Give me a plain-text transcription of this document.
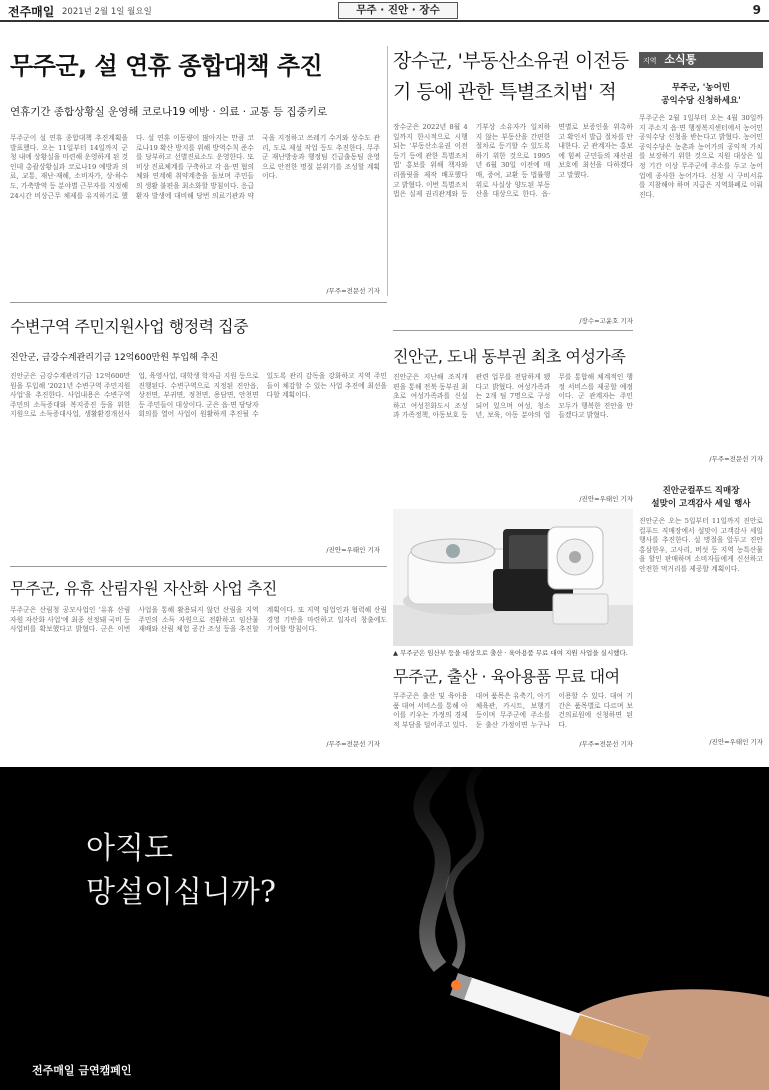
전주매일 2021년 2월 1일 월요일	무주 · 진안 · 장수	9
무주군, 설 연휴 종합대책 추진
연휴기간 종합상황실 운영해 코로나19 예방 · 의료 · 교통 등 집중키로
무주군이 설 연휴 종합대책 추진계획을 발표했다. 오는 11일부터 14일까지 군청 내에 상황실을 마련해 운영하게 된 것인데 총괄상황실과 코로나19 예방과 의료, 교통, 재난·재해, 소비자가, 상·하수도, 가축방역 등 분야별 근무자를 지정해 24시간 비상근무 체제를 유지하기로 했다. 설 연휴 이동량이 많아지는 만큼 코로나19 확산 방지를 위해 방역수칙 준수를 당부하고 선별진료소도 운영한다. 또 비상 진료체계를 구축하고 각 읍·면 협의체와 연계해 취약계층을 돌보며 주민들의 생활 불편을 최소화할 방침이다. 응급환자 발생에 대비해 당번 의료기관과 약국을 지정하고 쓰레기 수거와 상수도 관리, 도로 제설 작업 등도 추진한다. 무주군 재난방송과 행정팀 긴급출동팀 운영으로 안전한 명절 분위기를 조성할 계획이다.
/무주=전문선 기자
장수군, '부동산소유권 이전등기 등에 관한 특별조치법' 적
장수군은 2022년 8월 4일까지 한시적으로 시행되는 '부동산소유권 이전등기 등에 관한 특별조치법' 홍보를 위해 책자와 리플릿을 제작 배포했다고 밝혔다. 이번 특별조치법은 실제 권리관계와 등기부상 소유자가 일치하지 않는 부동산을 간편한 절차로 등기할 수 있도록 하기 위한 것으로 1995년 6월 30일 이전에 매매, 증여, 교환 등 법률행위로 사실상 양도된 부동산을 대상으로 한다. 읍·면별로 보증인을 위촉하고 확인서 발급 절차를 안내한다. 군 관계자는 홍보에 힘써 군민들의 재산권 보호에 최선을 다하겠다고 말했다.
/장수=고윤호 기자
수변구역 주민지원사업 행정력 집중
진안군, 금강수계관리기금 12억600만원 투입해 추진
진안군은 금강수계관리기금 12억600만원을 투입해 '2021년 수변구역 주민지원사업'을 추진한다. 사업내용은 수변구역 주민의 소득증대와 복지증진 등을 위한 지원으로 소득증대사업, 생활환경개선사업, 육영사업, 대학생 학자금 지원 등으로 진행된다. 수변구역으로 지정된 진안읍, 상전면, 부귀면, 정천면, 용담면, 안천면 등 주민들이 대상이다. 군은 읍·면 담당자 회의를 열어 사업이 원활하게 추진될 수 있도록 관리 감독을 강화하고 지역 주민들이 체감할 수 있는 사업 추진에 최선을 다할 계획이다.
/진안=우태인 기자
진안군, 도내 동부권 최초 여성가족
진안군은 지난해 조직개편을 통해 전북 동부권 최초로 여성가족과를 신설하고 여성친화도시 조성과 가족정책, 아동보호 등 관련 업무를 전담하게 됐다고 밝혔다. 여성가족과는 2개 팀 7명으로 구성되어 있으며 여성, 청소년, 보육, 아동 분야의 업무를 통합해 체계적인 행정 서비스를 제공할 예정이다. 군 관계자는 주민 모두가 행복한 진안을 만들겠다고 밝혔다.
/진안=우태인 기자
▲ 무주군은 임산부 등을 대상으로 출산 · 육아용품 무료 대여 지원 사업을 실시했다.
무주군, 유휴 산림자원 자산화 사업 추진
무주군은 산림청 공모사업인 '유휴 산림자원 자산화 사업'에 최종 선정돼 국비 등 사업비를 확보했다고 밝혔다. 군은 이번 사업을 통해 활용되지 않던 산림을 지역 주민의 소득 자원으로 전환하고 임산물 재배와 산림 체험 공간 조성 등을 추진할 계획이다. 또 지역 임업인과 협력해 산림 경영 기반을 마련하고 일자리 창출에도 기여할 방침이다.
/무주=전문선 기자
무주군, 출산 · 육아용품 무료 대여
무주군은 출산 및 육아용품 대여 서비스를 통해 아이를 키우는 가정의 경제적 부담을 덜어주고 있다. 대여 품목은 유축기, 아기체육관, 카시트, 보행기 등이며 무주군에 주소를 둔 출산 가정이면 누구나 이용할 수 있다. 대여 기간은 품목별로 다르며 보건의료원에 신청하면 된다.
/무주=전문선 기자
지역 소식통
무주군, '농어민
공익수당 신청하세요'
무주군은 2월 1일부터 오는 4월 30일까지 주소지 읍·면 행정복지센터에서 농어민 공익수당 신청을 받는다고 밝혔다. 농어민 공익수당은 농촌과 농어가의 공익적 가치를 보장하기 위한 것으로 지원 대상은 일정 기간 이상 무주군에 주소를 두고 농어업에 종사한 농어가다. 신청 시 구비서류를 지참해야 하며 지급은 지역화폐로 이뤄진다.
/무주=전문선 기자
진안군컬푸드 직매장
설맞이 고객감사 세일 행사
진안군은 오는 5일부터 11일까지 진안로컬푸드 직매장에서 설맞이 고객감사 세일 행사를 추진한다. 설 명절을 앞두고 진안홍삼한우, 고사리, 버섯 등 지역 농특산물을 할인 판매하며 소비자들에게 신선하고 안전한 먹거리를 제공할 계획이다.
/진안=우태인 기자
아직도
망설이십니까?
전주매일 금연캠페인
